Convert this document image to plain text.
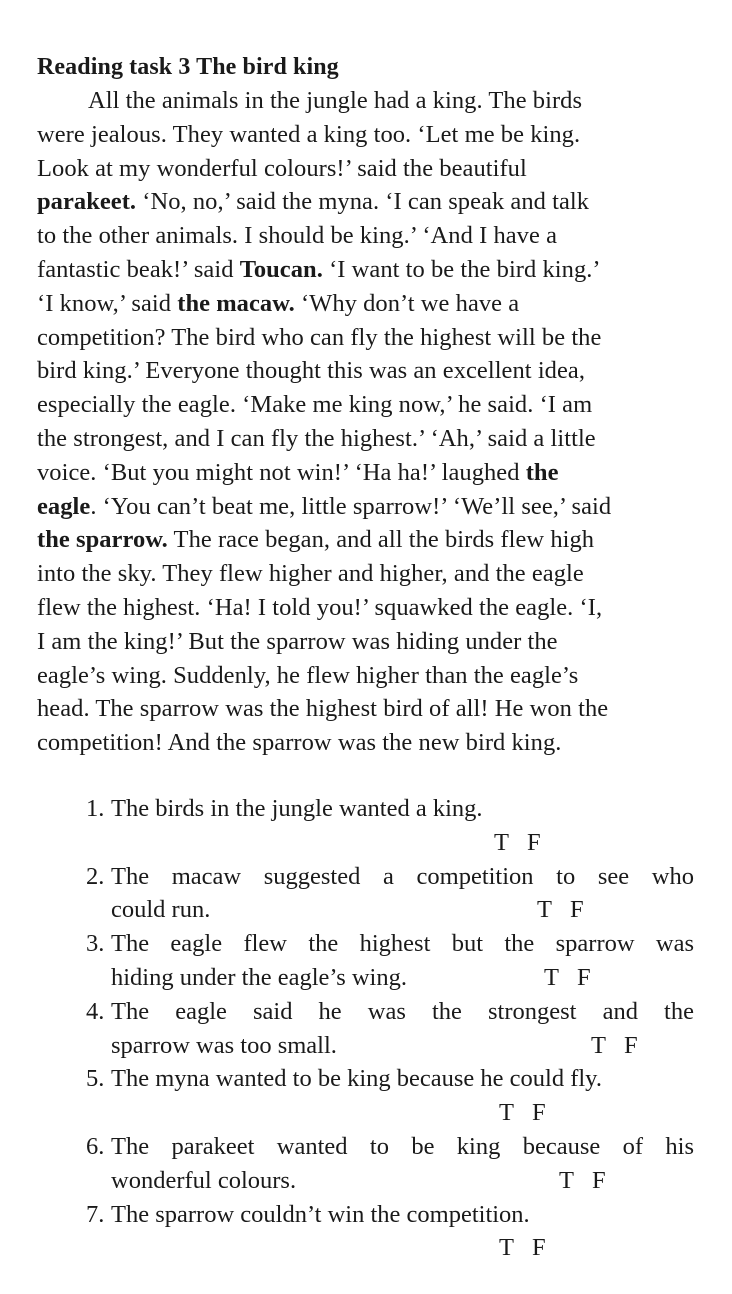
Reading task 3 The bird king
All the animals in the jungle had a king. The birds
were jealous. They wanted a king too. ‘Let me be king.
Look at my wonderful colours!’ said the beautiful
parakeet. ‘No, no,’ said the myna. ‘I can speak and talk
to the other animals. I should be king.’ ‘And I have a
fantastic beak!’ said Toucan. ‘I want to be the bird king.’
‘I know,’ said the macaw. ‘Why don’t we have a
competition? The bird who can fly the highest will be the
bird king.’ Everyone thought this was an excellent idea,
especially the eagle. ‘Make me king now,’ he said. ‘I am
the strongest, and I can fly the highest.’ ‘Ah,’ said a little
voice. ‘But you might not win!’ ‘Ha ha!’ laughed the
eagle. ‘You can’t beat me, little sparrow!’ ‘We’ll see,’ said
the sparrow. The race began, and all the birds flew high
into the sky. They flew higher and higher, and the eagle
flew the highest. ‘Ha! I told you!’ squawked the eagle. ‘I,
I am the king!’ But the sparrow was hiding under the
eagle’s wing. Suddenly, he flew higher than the eagle’s
head. The sparrow was the highest bird of all! He won the
competition! And the sparrow was the new bird king.
1. The birds in the jungle wanted a king.
T F
2. The macaw suggested a competition to see who
could run.	T F
3. The eagle flew the highest but the sparrow was
hiding under the eagle’s wing.	T F
4. The eagle said he was the strongest and the
sparrow was too small.	T F
5. The myna wanted to be king because he could fly.
T F
6. The parakeet wanted to be king because of his
wonderful colours.	T F
7. The sparrow couldn’t win the competition.
T F
